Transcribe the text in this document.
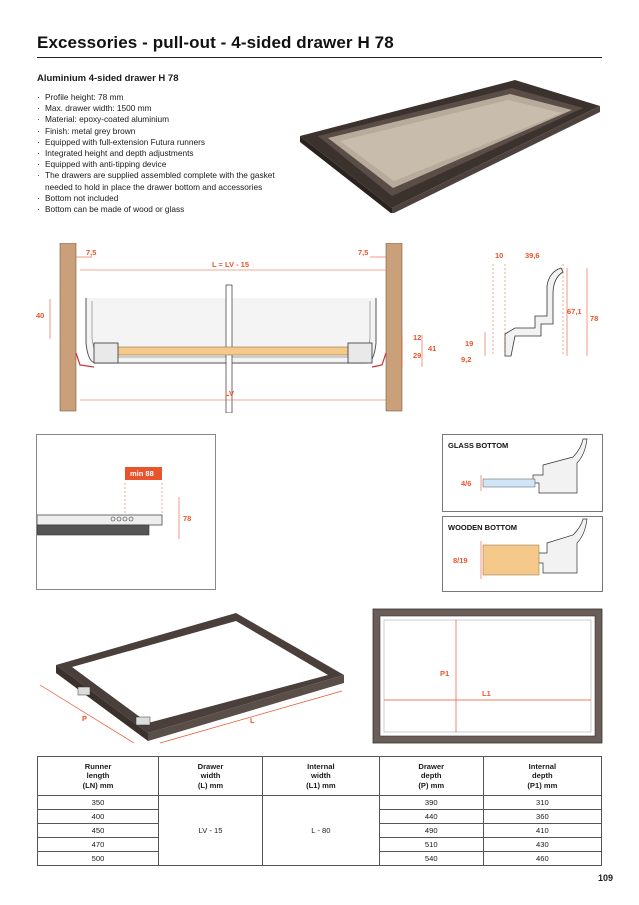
Excessories - pull-out - 4-sided drawer H 78
Aluminium 4-sided drawer H 78
· Profile height: 78 mm
· Max. drawer width: 1500 mm
· Material: epoxy-coated aluminium
· Finish: metal grey brown
· Equipped with full-extension Futura runners
· Integrated height and depth adjustments
· Equipped with anti-tipping device
· The drawers are supplied assembled complete with the gasket needed to hold in place the drawer bottom and accessories
· Bottom not included
· Bottom can be made of wood or glass
7,5	7,5
L = LV - 15
40
12
41
29
LV
10	39,6
67,1
78
19
9,2
min 88
78
GLASS BOTTOM
4/6
WOODEN BOTTOM
8/19
P	L
P1
L1
Runner
length
(LN) mm	Drawer
width
(L) mm	Internal
width
(L1) mm	Drawer
depth
(P) mm	Internal
depth
(P1) mm
350	LV - 15	L - 80	390	310
400			440	360
450			490	410
470			510	430
500			540	460
109
